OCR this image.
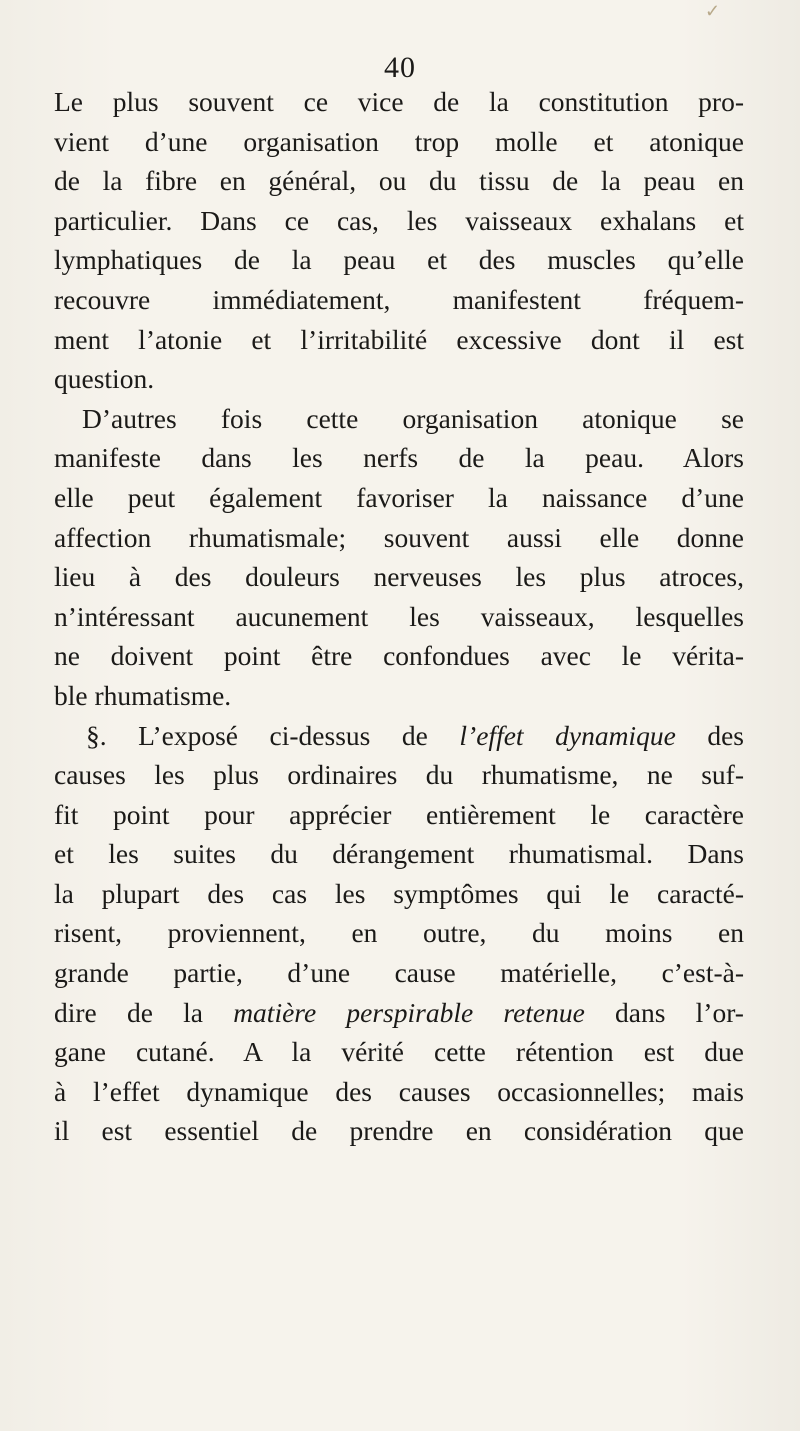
✓
40
Le plus souvent ce vice de la constitution pro-
vient d’une organisation trop molle et atonique
de la fibre en général, ou du tissu de la peau en
particulier. Dans ce cas, les vaisseaux exhalans et
lymphatiques de la peau et des muscles qu’elle
recouvre immédiatement, manifestent fréquem-
ment l’atonie et l’irritabilité excessive dont il est
question.
D’autres fois cette organisation atonique se
manifeste dans les nerfs de la peau. Alors
elle peut également favoriser la naissance d’une
affection rhumatismale; souvent aussi elle donne
lieu à des douleurs nerveuses les plus atroces,
n’intéressant aucunement les vaisseaux, lesquelles
ne doivent point être confondues avec le vérita-
ble rhumatisme.
§. L’exposé ci-dessus de l’effet dynamique des
causes les plus ordinaires du rhumatisme, ne suf-
fit point pour apprécier entièrement le caractère
et les suites du dérangement rhumatismal. Dans
la plupart des cas les symptômes qui le caracté-
risent, proviennent, en outre, du moins en
grande partie, d’une cause matérielle, c’est-à-
dire de la matière perspirable retenue dans l’or-
gane cutané. A la vérité cette rétention est due
à l’effet dynamique des causes occasionnelles; mais
il est essentiel de prendre en considération que
